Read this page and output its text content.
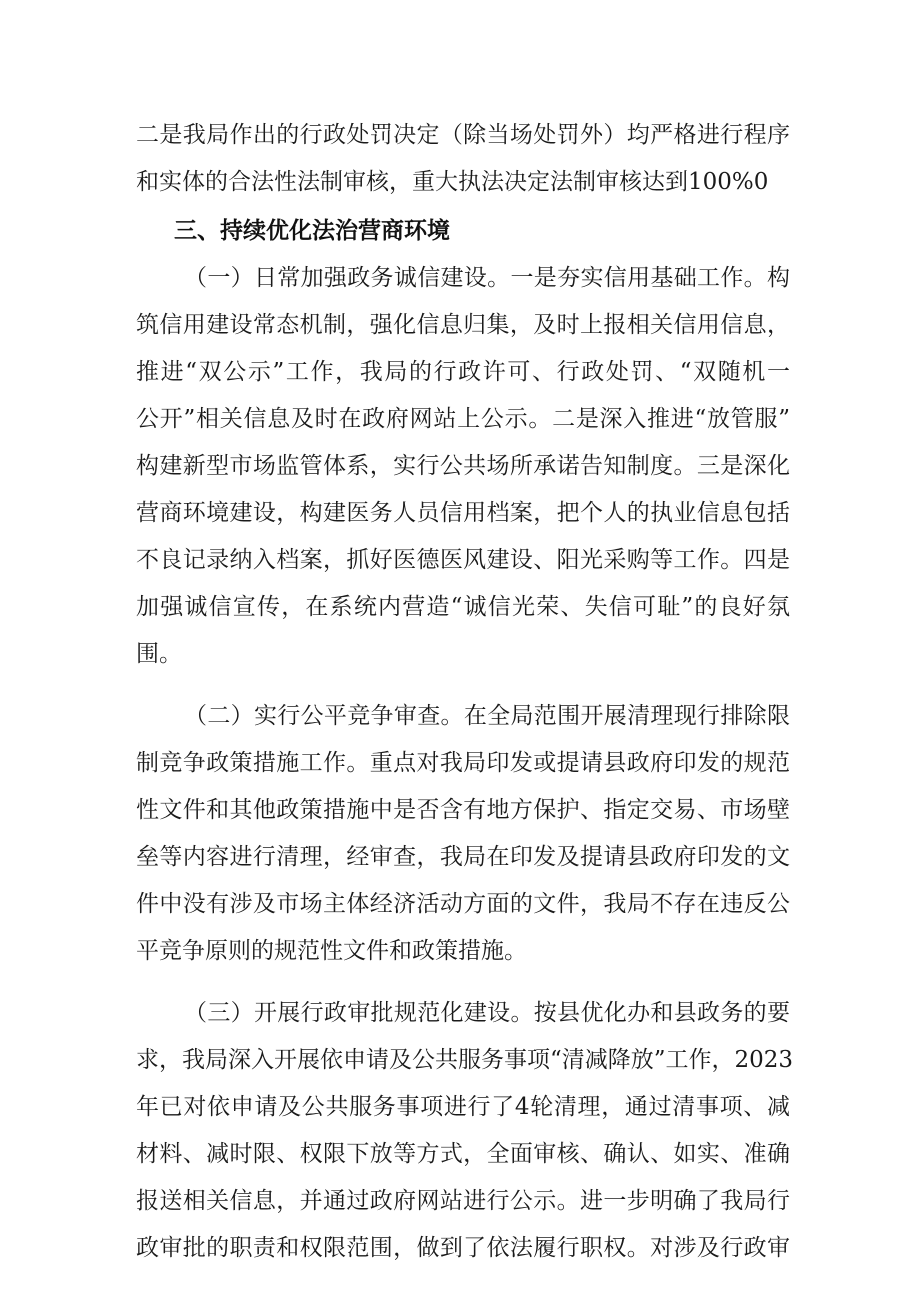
二是我局作出的行政处罚决定（除当场处罚外）均严格进行程序
和实体的合法性法制审核，重大执法决定法制审核达到100%0
三、持续优化法治营商环境
（一）日常加强政务诚信建设。一是夯实信用基础工作。构
筑信用建设常态机制，强化信息归集，及时上报相关信用信息，
推进“双公示”工作，我局的行政许可、行政处罚、“双随机一
公开”相关信息及时在政府网站上公示。二是深入推进“放管服”
构建新型市场监管体系，实行公共场所承诺告知制度。三是深化
营商环境建设，构建医务人员信用档案，把个人的执业信息包括
不良记录纳入档案，抓好医德医风建设、阳光采购等工作。四是
加强诚信宣传，在系统内营造“诚信光荣、失信可耻”的良好氛
围。
（二）实行公平竞争审查。在全局范围开展清理现行排除限
制竞争政策措施工作。重点对我局印发或提请县政府印发的规范
性文件和其他政策措施中是否含有地方保护、指定交易、市场壁
垒等内容进行清理，经审查，我局在印发及提请县政府印发的文
件中没有涉及市场主体经济活动方面的文件，我局不存在违反公
平竞争原则的规范性文件和政策措施。
（三）开展行政审批规范化建设。按县优化办和县政务的要
求，我局深入开展依申请及公共服务事项“清减降放”工作，2023
年已对依申请及公共服务事项进行了4轮清理，通过清事项、减
材料、减时限、权限下放等方式，全面审核、确认、如实、准确
报送相关信息，并通过政府网站进行公示。进一步明确了我局行
政审批的职责和权限范围，做到了依法履行职权。对涉及行政审
